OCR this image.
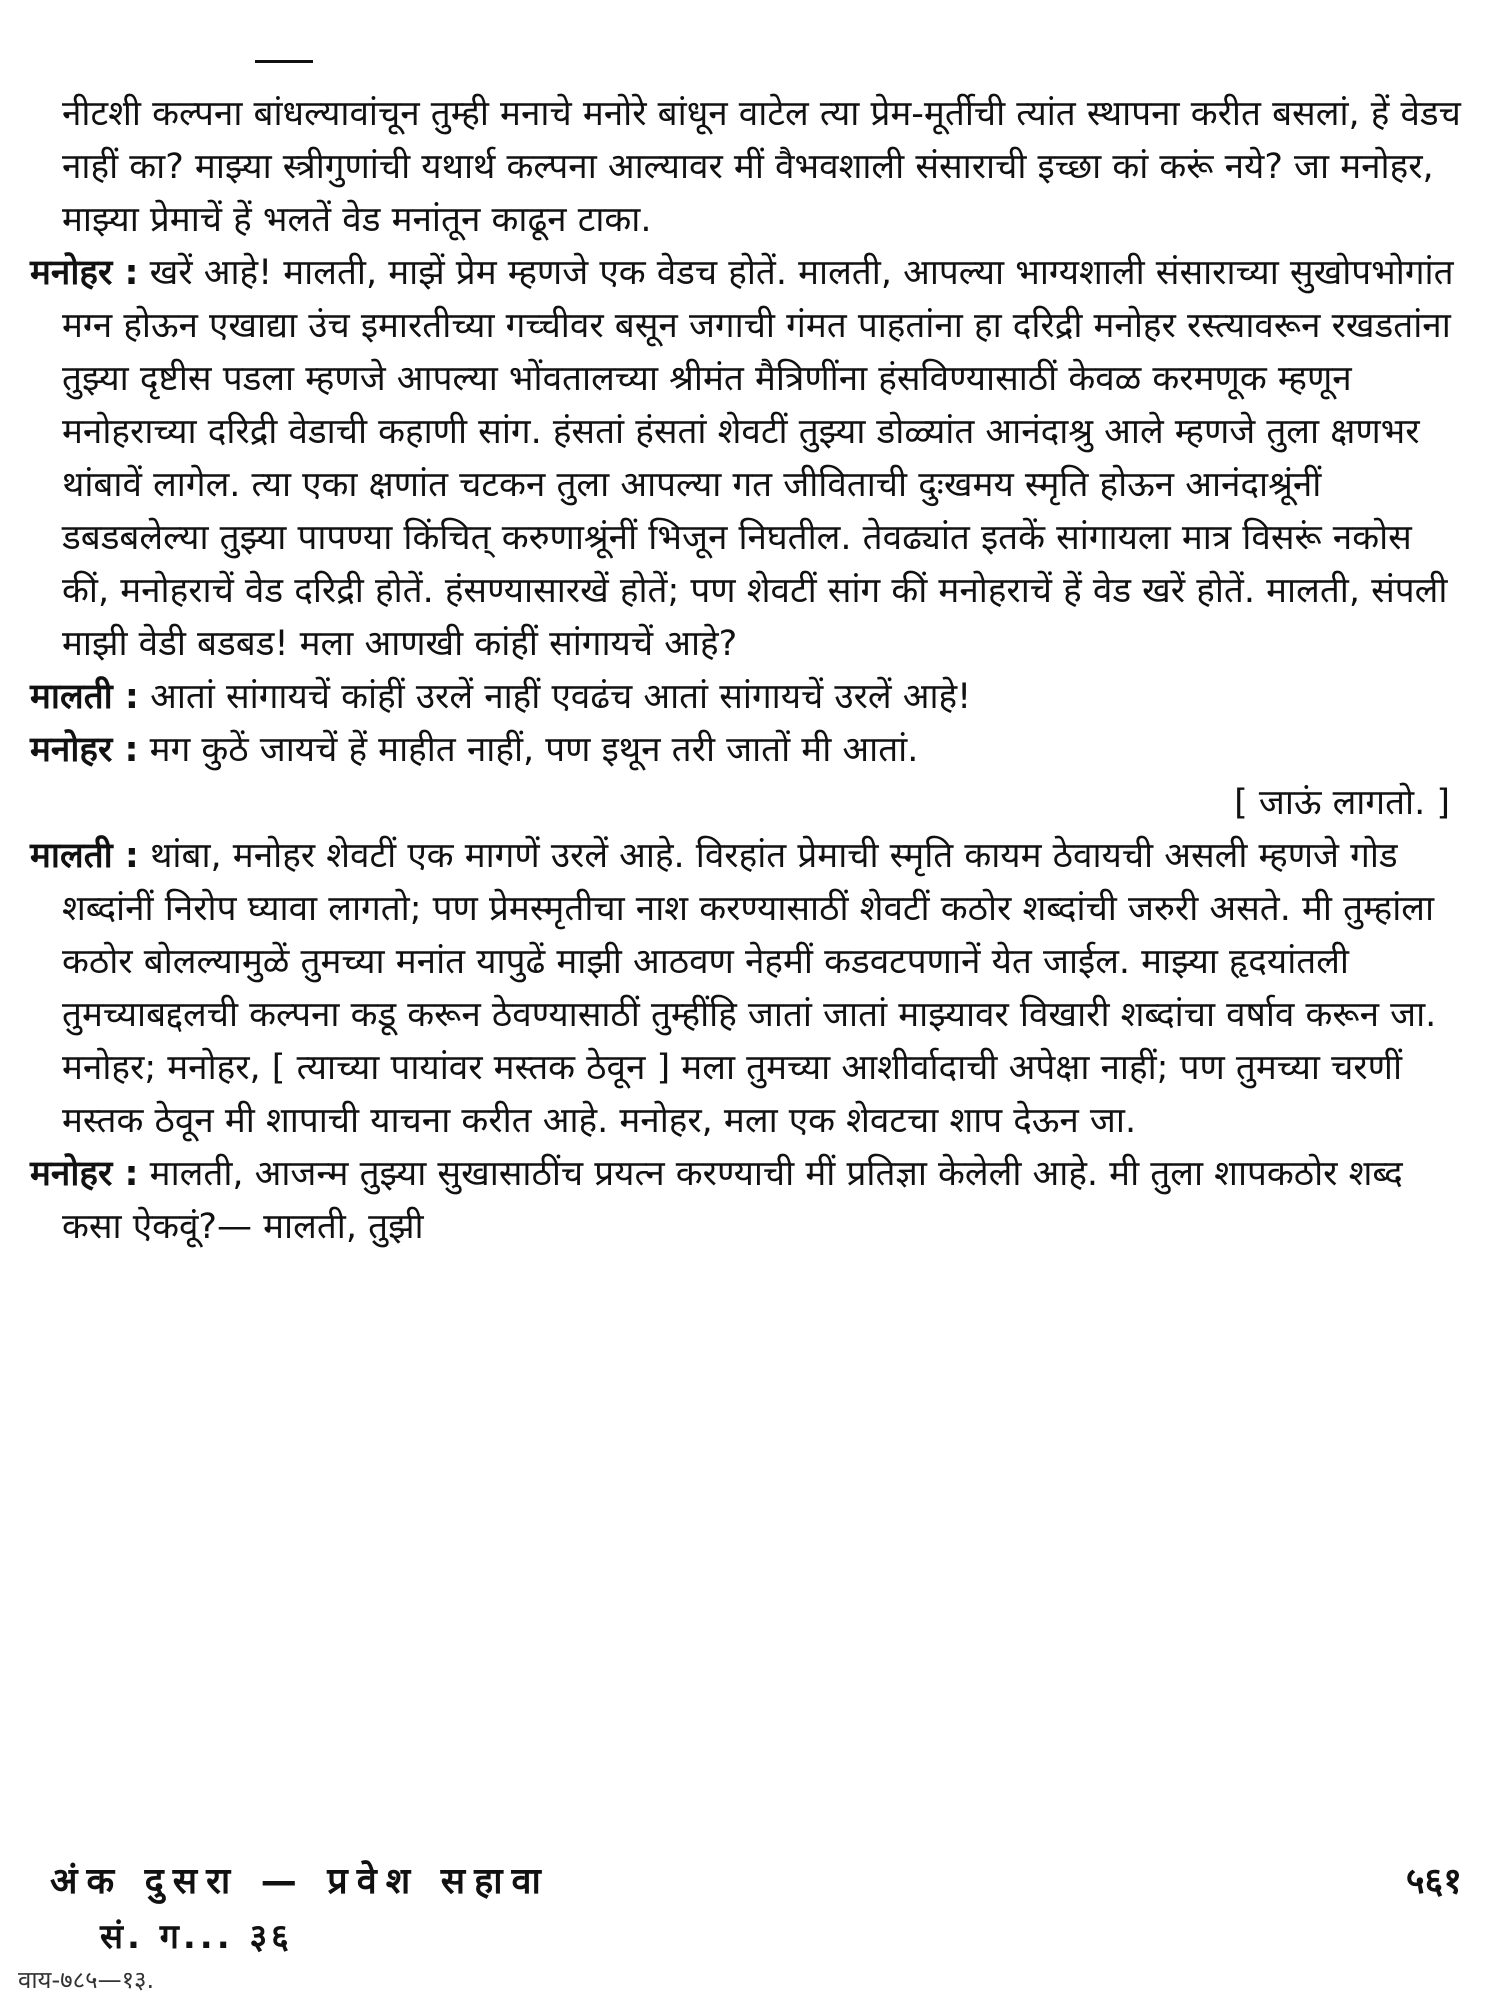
नीटशी कल्पना बांधल्यावांचून तुम्ही मनाचे मनोरे बांधून वाटेल त्या प्रेम-मूर्तीची त्यांत स्थापना करीत बसलां, हें वेडच नाहीं का? माझ्या स्त्रीगुणांची यथार्थ कल्पना आल्यावर मीं वैभवशाली संसाराची इच्छा कां करूं नये? जा मनोहर, माझ्या प्रेमाचें हें भलतें वेड मनांतून काढून टाका.

मनोहर : खरें आहे! मालती, माझें प्रेम म्हणजे एक वेडच होतें. मालती, आपल्या भाग्यशाली संसाराच्या सुखोपभोगांत मग्न होऊन एखाद्या उंच इमारतीच्या गच्चीवर बसून जगाची गंमत पाहतांना हा दरिद्री मनोहर रस्त्यावरून रखडतांना तुझ्या दृष्टीस पडला म्हणजे आपल्या भोंवतालच्या श्रीमंत मैत्रिणींना हंसविण्यासाठीं केवळ करमणूक म्हणून मनोहराच्या दरिद्री वेडाची कहाणी सांग. हंसतां हंसतां शेवटीं तुझ्या डोळ्यांत आनंदाश्रु आले म्हणजे तुला क्षणभर थांबावें लागेल. त्या एका क्षणांत चटकन तुला आपल्या गत जीविताची दुःखमय स्मृति होऊन आनंदाश्रूंनीं डबडबलेल्या तुझ्या पापण्या किंचित् करुणाश्रूंनीं भिजून निघतील. तेवढ्यांत इतकें सांगायला मात्र विसरूं नकोस कीं, मनोहराचें वेड दरिद्री होतें. हंसण्यासारखें होतें; पण शेवटीं सांग कीं मनोहराचें हें वेड खरें होतें. मालती, संपली माझी वेडी बडबड! मला आणखी कांहीं सांगायचें आहे?

मालती : आतां सांगायचें कांहीं उरलें नाहीं एवढंच आतां सांगायचें उरलें आहे!

मनोहर : मग कुठें जायचें हें माहीत नाहीं, पण इथून तरी जातों मी आतां.

[ जाऊं लागतो. ]

मालती : थांबा, मनोहर शेवटीं एक मागणें उरलें आहे. विरहांत प्रेमाची स्मृति कायम ठेवायची असली म्हणजे गोड शब्दांनीं निरोप घ्यावा लागतो; पण प्रेमस्मृतीचा नाश करण्यासाठीं शेवटीं कठोर शब्दांची जरुरी असते. मी तुम्हांला कठोर बोलल्यामुळें तुमच्या मनांत यापुढें माझी आठवण नेहमीं कडवटपणानें येत जाईल. माझ्या हृदयांतली तुमच्याबद्दलची कल्पना कडू करून ठेवण्यासाठीं तुम्हींहि जातां जातां माझ्यावर विखारी शब्दांचा वर्षाव करून जा. मनोहर; मनोहर, [ त्याच्या पायांवर मस्तक ठेवून ] मला तुमच्या आशीर्वादाची अपेक्षा नाहीं; पण तुमच्या चरणीं मस्तक ठेवून मी शापाची याचना करीत आहे. मनोहर, मला एक शेवटचा शाप देऊन जा.

मनोहर : मालती, आजन्म तुझ्या सुखासाठींच प्रयत्न करण्याची मीं प्रतिज्ञा केलेली आहे. मी तुला शापकठोर शब्द कसा ऐकवूं?— मालती, तुझी

अंक दुसरा — प्रवेश सहावा	५६१
सं. ग... ३६
वाय-७८५—१३.
